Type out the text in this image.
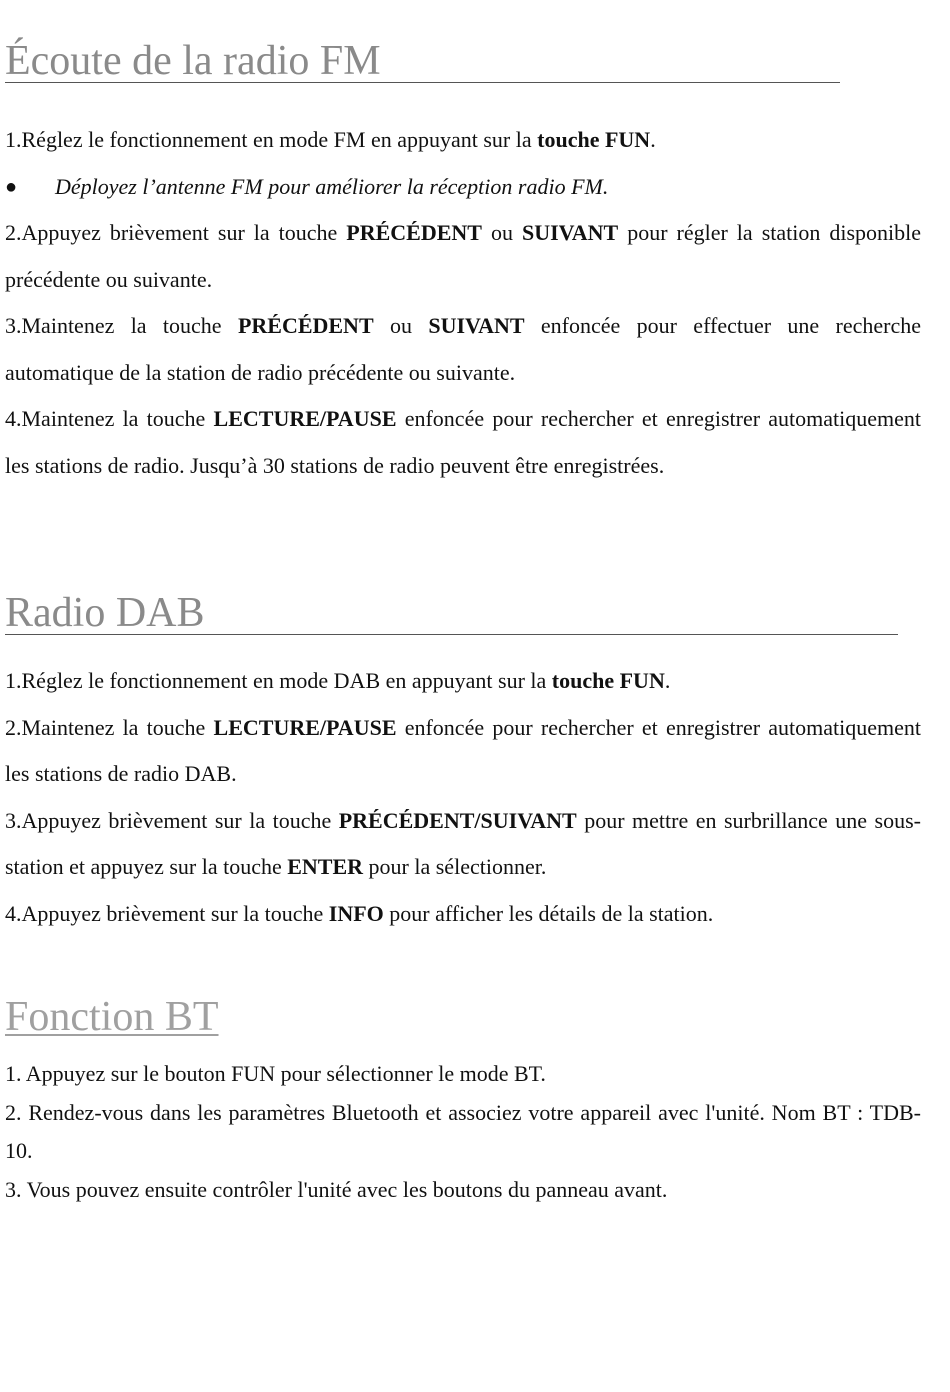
Écoute de la radio FM

1.Réglez le fonctionnement en mode FM en appuyant sur la touche FUN.

● Déployez l’antenne FM pour améliorer la réception radio FM.

2.Appuyez brièvement sur la touche PRÉCÉDENT ou SUIVANT pour régler la station disponible précédente ou suivante.

3.Maintenez la touche PRÉCÉDENT ou SUIVANT enfoncée pour effectuer une recherche automatique de la station de radio précédente ou suivante.

4.Maintenez la touche LECTURE/PAUSE enfoncée pour rechercher et enregistrer automatiquement les stations de radio. Jusqu’à 30 stations de radio peuvent être enregistrées.

Radio DAB

1.Réglez le fonctionnement en mode DAB en appuyant sur la touche FUN.

2.Maintenez la touche LECTURE/PAUSE enfoncée pour rechercher et enregistrer automatiquement les stations de radio DAB.

3.Appuyez brièvement sur la touche PRÉCÉDENT/SUIVANT pour mettre en surbrillance une sous-station et appuyez sur la touche ENTER pour la sélectionner.

4.Appuyez brièvement sur la touche INFO pour afficher les détails de la station.

Fonction BT

1. Appuyez sur le bouton FUN pour sélectionner le mode BT.

2. Rendez-vous dans les paramètres Bluetooth et associez votre appareil avec l'unité. Nom BT : TDB-10.

3. Vous pouvez ensuite contrôler l'unité avec les boutons du panneau avant.
